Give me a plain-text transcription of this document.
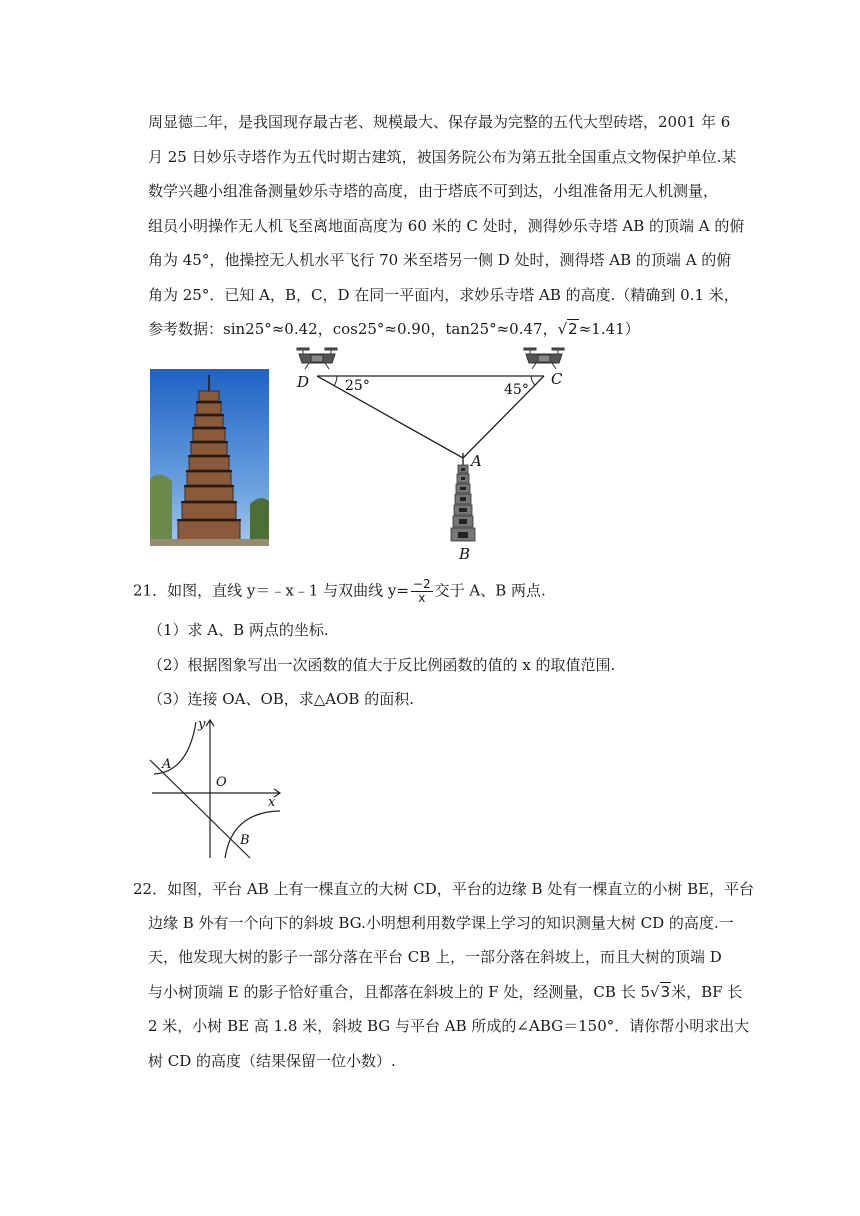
周显德二年，是我国现存最古老、规模最大、保存最为完整的五代大型砖塔，2001 年 6
月 25 日妙乐寺塔作为五代时期古建筑，被国务院公布为第五批全国重点文物保护单位.某
数学兴趣小组准备测量妙乐寺塔的高度，由于塔底不可到达，小组准备用无人机测量，
组员小明操作无人机飞至离地面高度为 60 米的 C 处时，测得妙乐寺塔 AB 的顶端 A 的俯
角为 45°，他操控无人机水平飞行 70 米至塔另一侧 D 处时，测得塔 AB 的顶端 A 的俯
角为 25°．已知 A，B，C，D 在同一平面内，求妙乐寺塔 AB 的高度.（精确到 0.1 米，
参考数据：sin25°≈0.42，cos25°≈0.90，tan25°≈0.47，√2≈1.41）
D	C
A
B
25°	45°
21．如图，直线 y＝﹣x﹣1 与双曲线 $y= \frac{-2}{x}$ 交于 A、B 两点.
（1）求 A、B 两点的坐标.
（2）根据图象写出一次函数的值大于反比例函数的值的 x 的取值范围.
（3）连接 OA、OB，求△AOB 的面积.
y
x
O
A
B
22．如图，平台 AB 上有一棵直立的大树 CD，平台的边缘 B 处有一棵直立的小树 BE，平台
边缘 B 外有一个向下的斜坡 BG.小明想利用数学课上学习的知识测量大树 CD 的高度.一
天，他发现大树的影子一部分落在平台 CB 上，一部分落在斜坡上，而且大树的顶端 D
与小树顶端 E 的影子恰好重合，且都落在斜坡上的 F 处，经测量，CB 长 5√3米，BF 长
2 米，小树 BE 高 1.8 米，斜坡 BG 与平台 AB 所成的∠ABG＝150°．请你帮小明求出大
树 CD 的高度（结果保留一位小数）.
